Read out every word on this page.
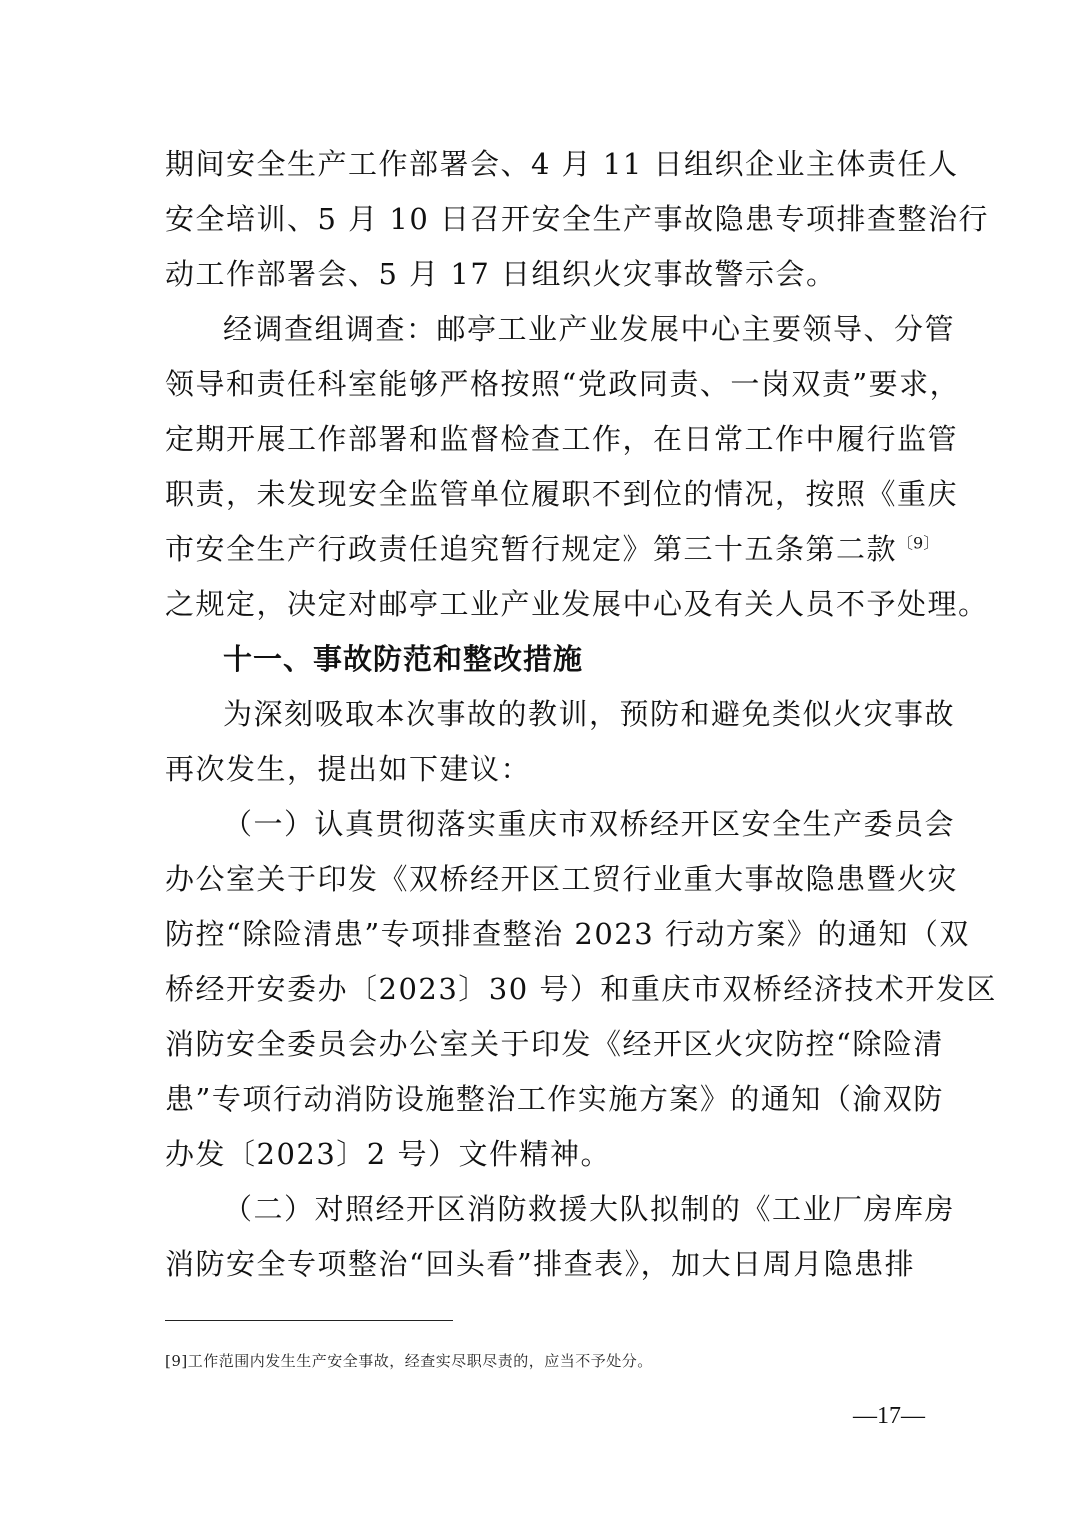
期间安全生产工作部署会、4 月 11 日组织企业主体责任人
安全培训、5 月 10 日召开安全生产事故隐患专项排查整治行
动工作部署会、5 月 17 日组织火灾事故警示会。
经调查组调查：邮亭工业产业发展中心主要领导、分管
领导和责任科室能够严格按照“党政同责、一岗双责”要求，
定期开展工作部署和监督检查工作，在日常工作中履行监管
职责，未发现安全监管单位履职不到位的情况，按照《重庆
市安全生产行政责任追究暂行规定》第三十五条第二款$^{〔9〕}$
之规定，决定对邮亭工业产业发展中心及有关人员不予处理。
十一、事故防范和整改措施
为深刻吸取本次事故的教训，预防和避免类似火灾事故
再次发生，提出如下建议：
（一）认真贯彻落实重庆市双桥经开区安全生产委员会
办公室关于印发《双桥经开区工贸行业重大事故隐患暨火灾
防控“除险清患”专项排查整治 2023 行动方案》的通知（双
桥经开安委办〔2023〕30 号）和重庆市双桥经济技术开发区
消防安全委员会办公室关于印发《经开区火灾防控“除险清
患”专项行动消防设施整治工作实施方案》的通知（渝双防
办发〔2023〕2 号）文件精神。
（二）对照经开区消防救援大队拟制的《工业厂房库房
消防安全专项整治“回头看”排查表》，加大日周月隐患排
[9]工作范围内发生生产安全事故，经查实尽职尽责的，应当不予处分。
—17—
